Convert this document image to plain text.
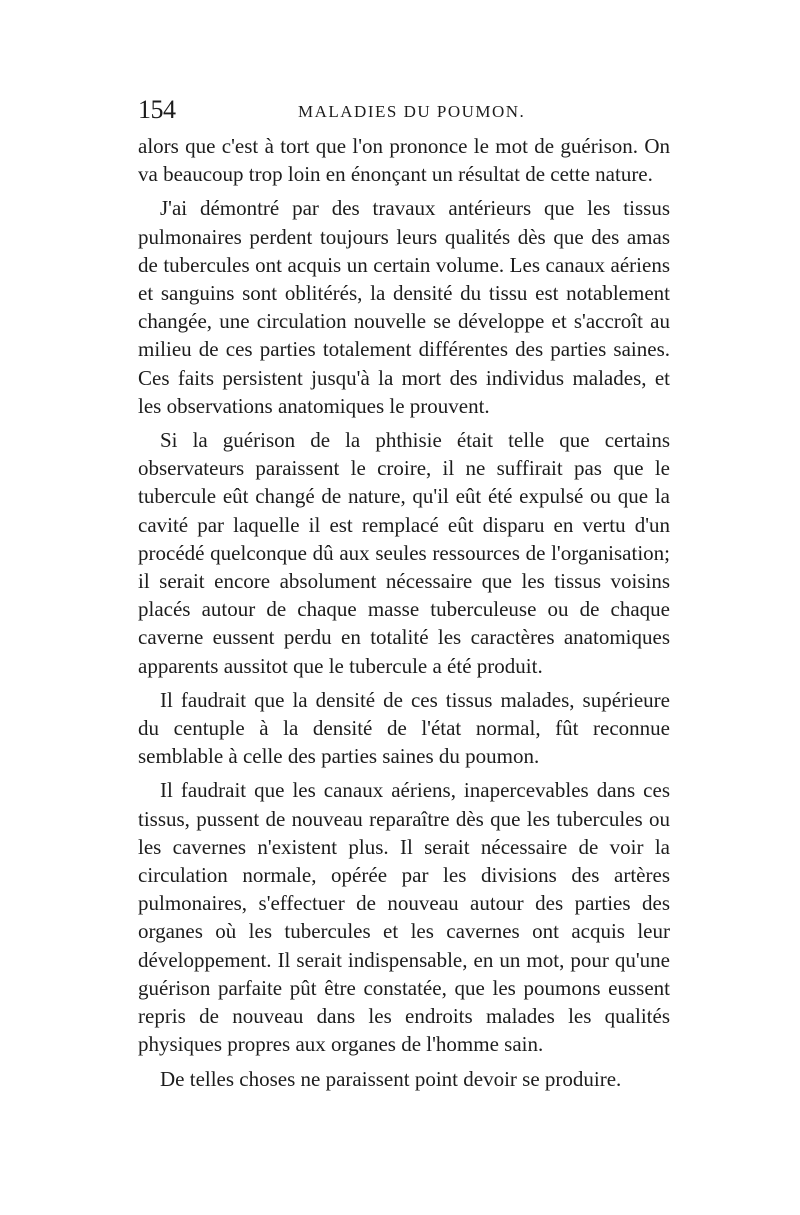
154	MALADIES DU POUMON.

alors que c'est à tort que l'on prononce le mot de guérison. On va beaucoup trop loin en énonçant un résultat de cette nature.

J'ai démontré par des travaux antérieurs que les tissus pulmonaires perdent toujours leurs qualités dès que des amas de tubercules ont acquis un certain volume. Les canaux aériens et sanguins sont oblitérés, la densité du tissu est notablement changée, une circulation nouvelle se développe et s'accroît au milieu de ces parties totalement différentes des parties saines. Ces faits persistent jusqu'à la mort des individus malades, et les observations anatomiques le prouvent.

Si la guérison de la phthisie était telle que certains observateurs paraissent le croire, il ne suffirait pas que le tubercule eût changé de nature, qu'il eût été expulsé ou que la cavité par laquelle il est remplacé eût disparu en vertu d'un procédé quelconque dû aux seules ressources de l'organisation; il serait encore absolument nécessaire que les tissus voisins placés autour de chaque masse tuberculeuse ou de chaque caverne eussent perdu en totalité les caractères anatomiques apparents aussitot que le tubercule a été produit.

Il faudrait que la densité de ces tissus malades, supérieure du centuple à la densité de l'état normal, fût reconnue semblable à celle des parties saines du poumon.

Il faudrait que les canaux aériens, inapercevables dans ces tissus, pussent de nouveau reparaître dès que les tubercules ou les cavernes n'existent plus. Il serait nécessaire de voir la circulation normale, opérée par les divisions des artères pulmonaires, s'effectuer de nouveau autour des parties des organes où les tubercules et les cavernes ont acquis leur développement. Il serait indispensable, en un mot, pour qu'une guérison parfaite pût être constatée, que les poumons eussent repris de nouveau dans les endroits malades les qualités physiques propres aux organes de l'homme sain.

De telles choses ne paraissent point devoir se produire.
